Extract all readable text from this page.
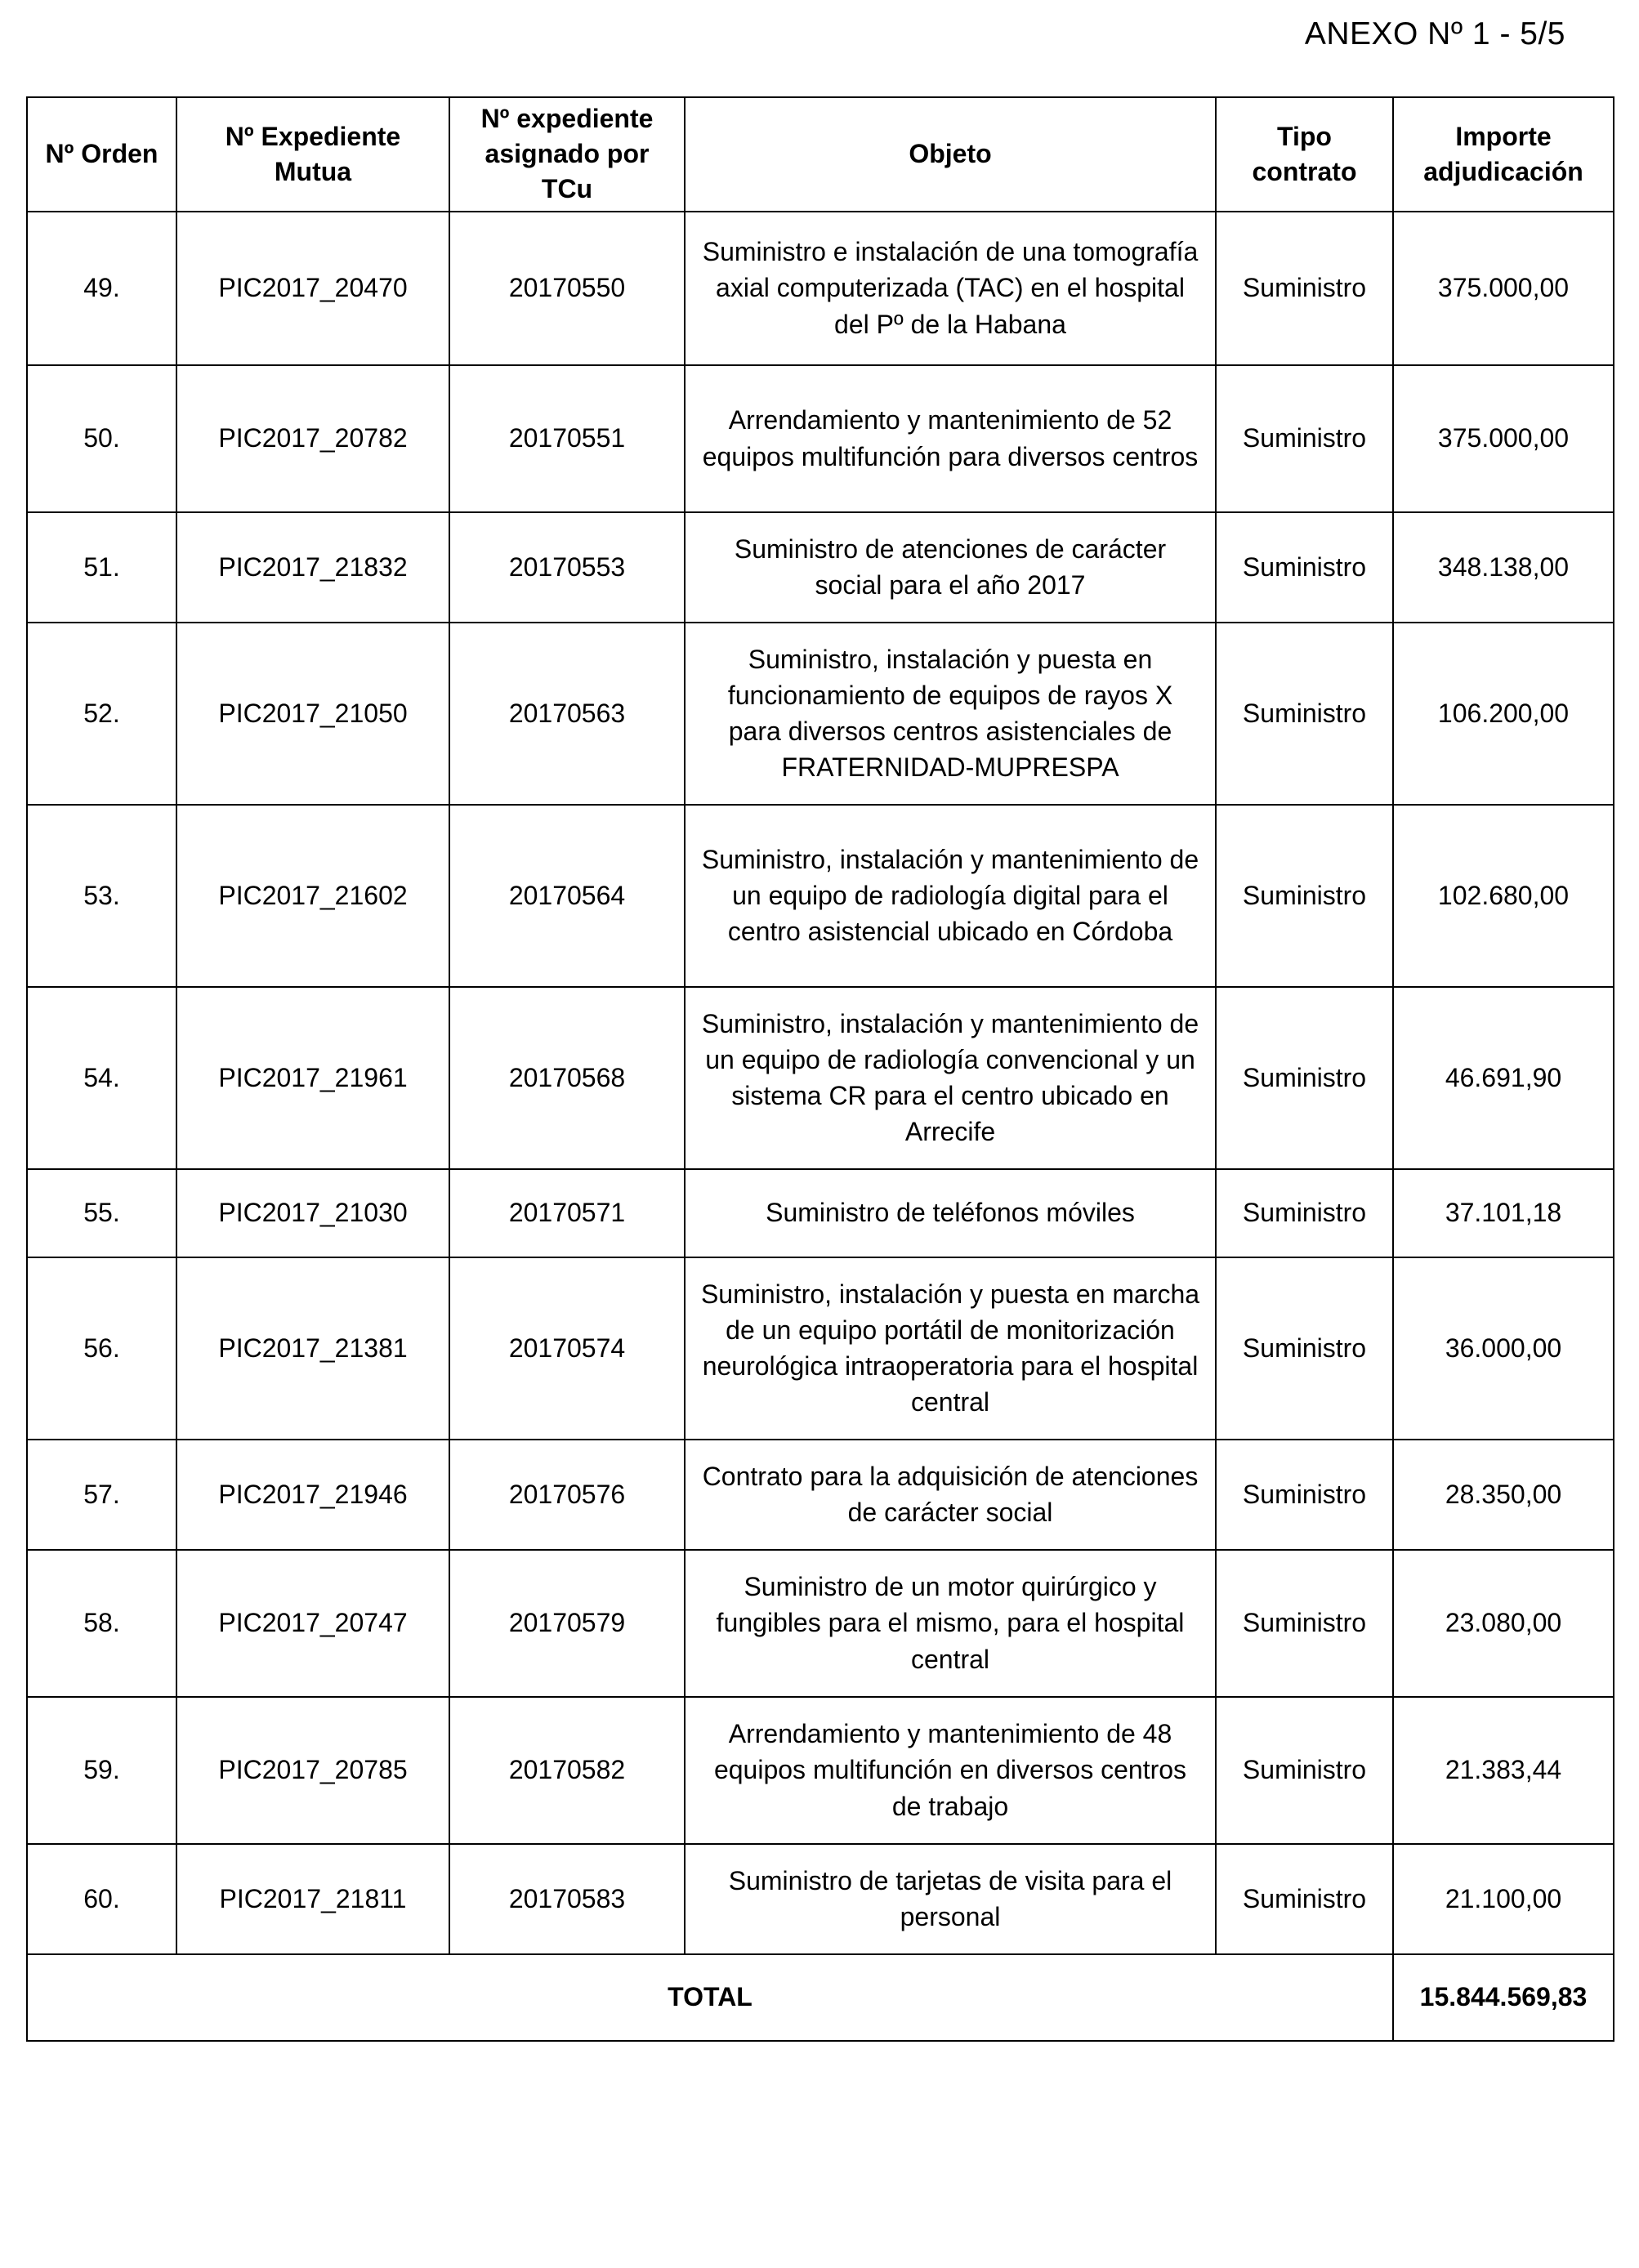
ANEXO Nº 1 - 5/5
Nº Orden	Nº Expediente Mutua	Nº expediente asignado por TCu	Objeto	Tipo contrato	Importe adjudicación
49.	PIC2017_20470	20170550	Suministro e instalación de una tomografía axial computerizada (TAC) en el hospital del Pº de la Habana	Suministro	375.000,00
50.	PIC2017_20782	20170551	Arrendamiento y mantenimiento de 52 equipos multifunción para diversos centros	Suministro	375.000,00
51.	PIC2017_21832	20170553	Suministro de atenciones de carácter social para el año 2017	Suministro	348.138,00
52.	PIC2017_21050	20170563	Suministro, instalación y puesta en funcionamiento de equipos de rayos X para diversos centros asistenciales de FRATERNIDAD-MUPRESPA	Suministro	106.200,00
53.	PIC2017_21602	20170564	Suministro, instalación y mantenimiento de un equipo de radiología digital para el centro asistencial ubicado en Córdoba	Suministro	102.680,00
54.	PIC2017_21961	20170568	Suministro, instalación y mantenimiento de un equipo de radiología convencional y un sistema CR para el centro ubicado en Arrecife	Suministro	46.691,90
55.	PIC2017_21030	20170571	Suministro de teléfonos móviles	Suministro	37.101,18
56.	PIC2017_21381	20170574	Suministro, instalación y puesta en marcha de un equipo portátil de monitorización neurológica intraoperatoria para el hospital central	Suministro	36.000,00
57.	PIC2017_21946	20170576	Contrato para la adquisición de atenciones de carácter social	Suministro	28.350,00
58.	PIC2017_20747	20170579	Suministro de un motor quirúrgico y fungibles para el mismo, para el hospital central	Suministro	23.080,00
59.	PIC2017_20785	20170582	Arrendamiento y mantenimiento de 48 equipos multifunción en diversos centros de trabajo	Suministro	21.383,44
60.	PIC2017_21811	20170583	Suministro de tarjetas de visita para el personal	Suministro	21.100,00
TOTAL					15.844.569,83
